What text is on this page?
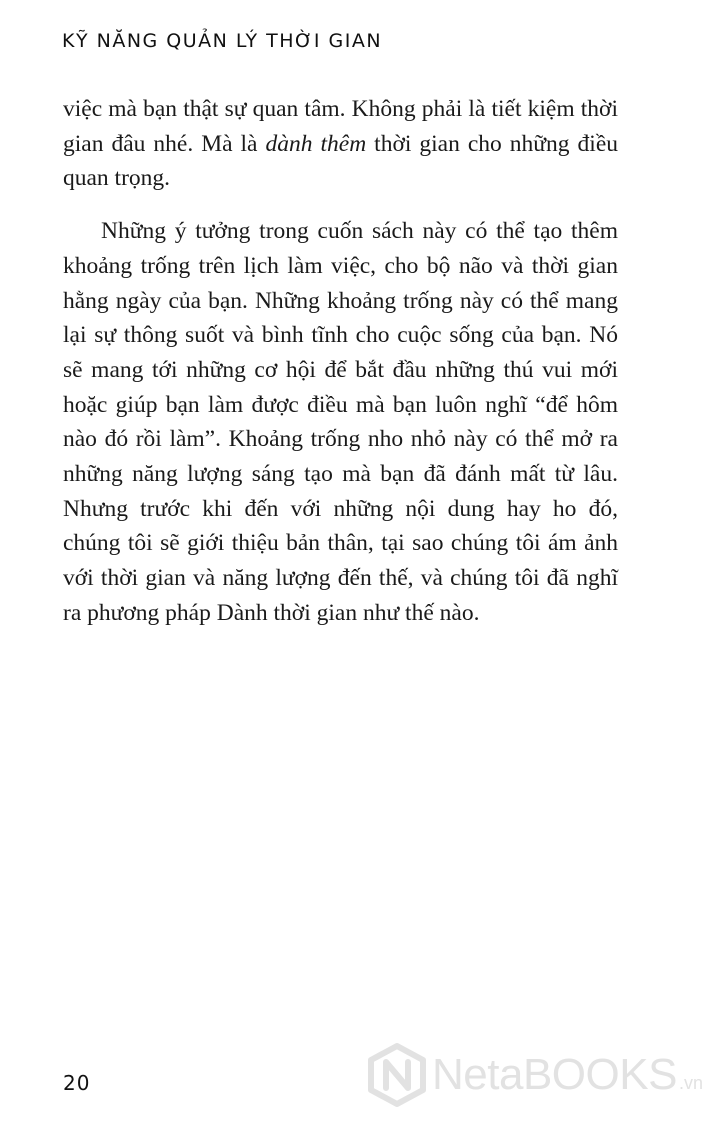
KỸ NĂNG QUẢN LÝ THỜI GIAN

việc mà bạn thật sự quan tâm. Không phải là tiết kiệm thời gian đâu nhé. Mà là dành thêm thời gian cho những điều quan trọng.

Những ý tưởng trong cuốn sách này có thể tạo thêm khoảng trống trên lịch làm việc, cho bộ não và thời gian hằng ngày của bạn. Những khoảng trống này có thể mang lại sự thông suốt và bình tĩnh cho cuộc sống của bạn. Nó sẽ mang tới những cơ hội để bắt đầu những thú vui mới hoặc giúp bạn làm được điều mà bạn luôn nghĩ “để hôm nào đó rồi làm”. Khoảng trống nho nhỏ này có thể mở ra những năng lượng sáng tạo mà bạn đã đánh mất từ lâu. Nhưng trước khi đến với những nội dung hay ho đó, chúng tôi sẽ giới thiệu bản thân, tại sao chúng tôi ám ảnh với thời gian và năng lượng đến thế, và chúng tôi đã nghĩ ra phương pháp Dành thời gian như thế nào.

20	NetaBOOKS .vn
